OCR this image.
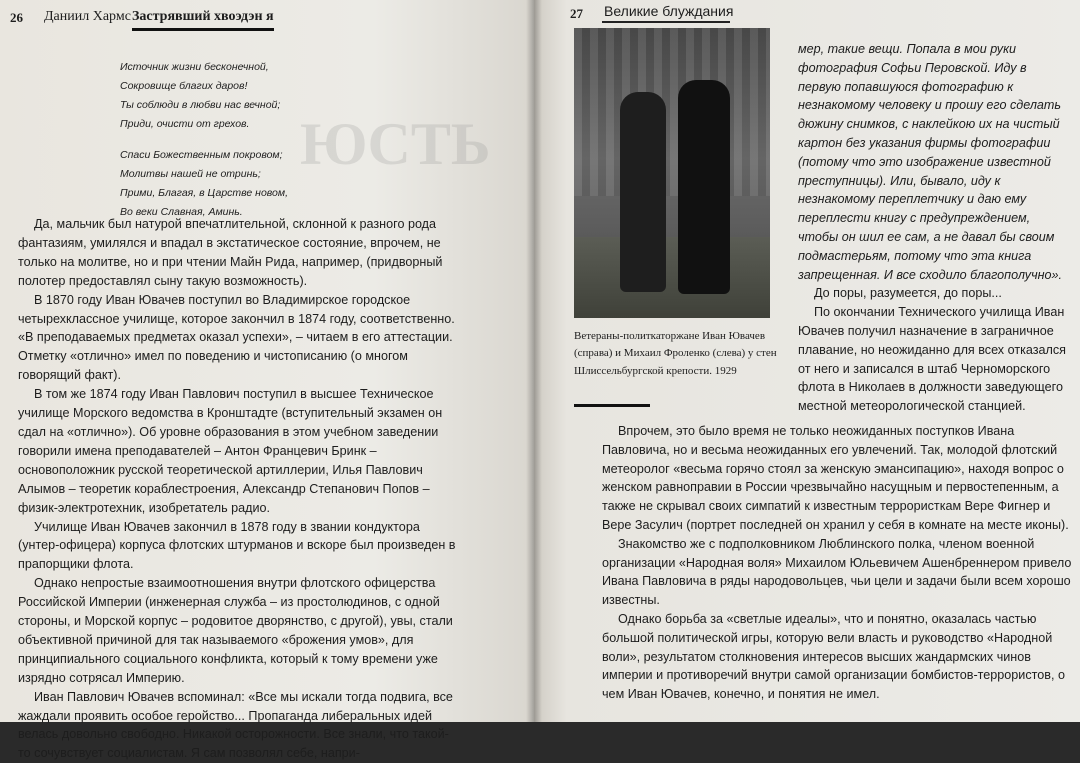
ЮСТЬ
26 Даниил Хармс Застрявший хвоэдэн я
Источник жизни бесконечной,
Сокровище благих даров!
Ты соблюди в любви нас вечной;
Приди, очисти от грехов.
Спаси Божественным покровом;
Молитвы нашей не отринь;
Прими, Благая, в Царстве новом,
Во веки Славная, Аминь.

Да, мальчик был натурой впечатлительной, склонной к разного рода фантазиям, умилялся и впадал в экстатическое состояние, впрочем, не только на молитве, но и при чтении Майн Рида, например, (придворный полотер предоставлял сыну такую возможность).

В 1870 году Иван Ювачев поступил во Владимирское городское четырехклассное училище, которое закончил в 1874 году, соответственно. «В преподаваемых предметах оказал успехи», – читаем в его аттестации. Отметку «отлично» имел по поведению и чистописанию (о многом говорящий факт).

В том же 1874 году Иван Павлович поступил в высшее Техническое училище Морского ведомства в Кронштадте (вступительный экзамен он сдал на «отлично»). Об уровне образования в этом учебном заведении говорили имена преподавателей – Антон Францевич Бринк – основоположник русской теоретической артиллерии, Илья Павлович Алымов – теоретик кораблестроения, Александр Степанович Попов – физик-электротехник, изобретатель радио.

Училище Иван Ювачев закончил в 1878 году в звании кондуктора (унтер-офицера) корпуса флотских штурманов и вскоре был произведен в прапорщики флота.

Однако непростые взаимоотношения внутри флотского офицерства Российской Империи (инженерная служба – из простолюдинов, с одной стороны, и Морской корпус – родовитое дворянство, с другой), увы, стали объективной причиной для так называемого «брожения умов», для принципиального социального конфликта, который к тому времени уже изрядно сотрясал Империю.

Иван Павлович Ювачев вспоминал: «Все мы искали тогда подвига, все жаждали проявить особое геройство... Пропаганда либеральных идей велась довольно свободно. Никакой осторожности. Все знали, что такой-то сочувствует социалистам. Я сам позволял себе, напри-

27 Великие блуждания
Ветераны-политкаторжане Иван Ювачев (справа) и Михаил Фроленко (слева) у стен Шлиссельбургской крепости. 1929

мер, такие вещи. Попала в мои руки фотография Софьи Перовской. Иду в первую попавшуюся фотографию к незнакомому человеку и прошу его сделать дюжину снимков, с наклейкою их на чистый картон без указания фирмы фотографии (потому что это изображение известной преступницы). Или, бывало, иду к незнакомому переплетчику и даю ему переплести книгу с предупреждением, чтобы он шил ее сам, а не давал бы своим подмастерьям, потому что эта книга запрещенная. И все сходило благополучно».

До поры, разумеется, до поры...

По окончании Технического училища Иван Ювачев получил назначение в заграничное плавание, но неожиданно для всех отказался от него и записался в штаб Черноморского флота в Николаев в должности заведующего местной метеорологической станцией.

Впрочем, это было время не только неожиданных поступков Ивана Павловича, но и весьма неожиданных его увлечений. Так, молодой флотский метеоролог «весьма горячо стоял за женскую эмансипацию», находя вопрос о женском равноправии в России чрезвычайно насущным и первостепенным, а также не скрывал своих симпатий к известным террористкам Вере Фигнер и Вере Засулич (портрет последней он хранил у себя в комнате на месте иконы).

Знакомство же с подполковником Люблинского полка, членом военной организации «Народная воля» Михаилом Юльевичем Ашенбреннером привело Ивана Павловича в ряды народовольцев, чьи цели и задачи были всем хорошо известны.

Однако борьба за «светлые идеалы», что и понятно, оказалась частью большой политической игры, которую вели власть и руководство «Народной воли», результатом столкновения интересов высших жандармских чинов империи и противоречий внутри самой организации бомбистов-террористов, о чем Иван Ювачев, конечно, и понятия не имел.
